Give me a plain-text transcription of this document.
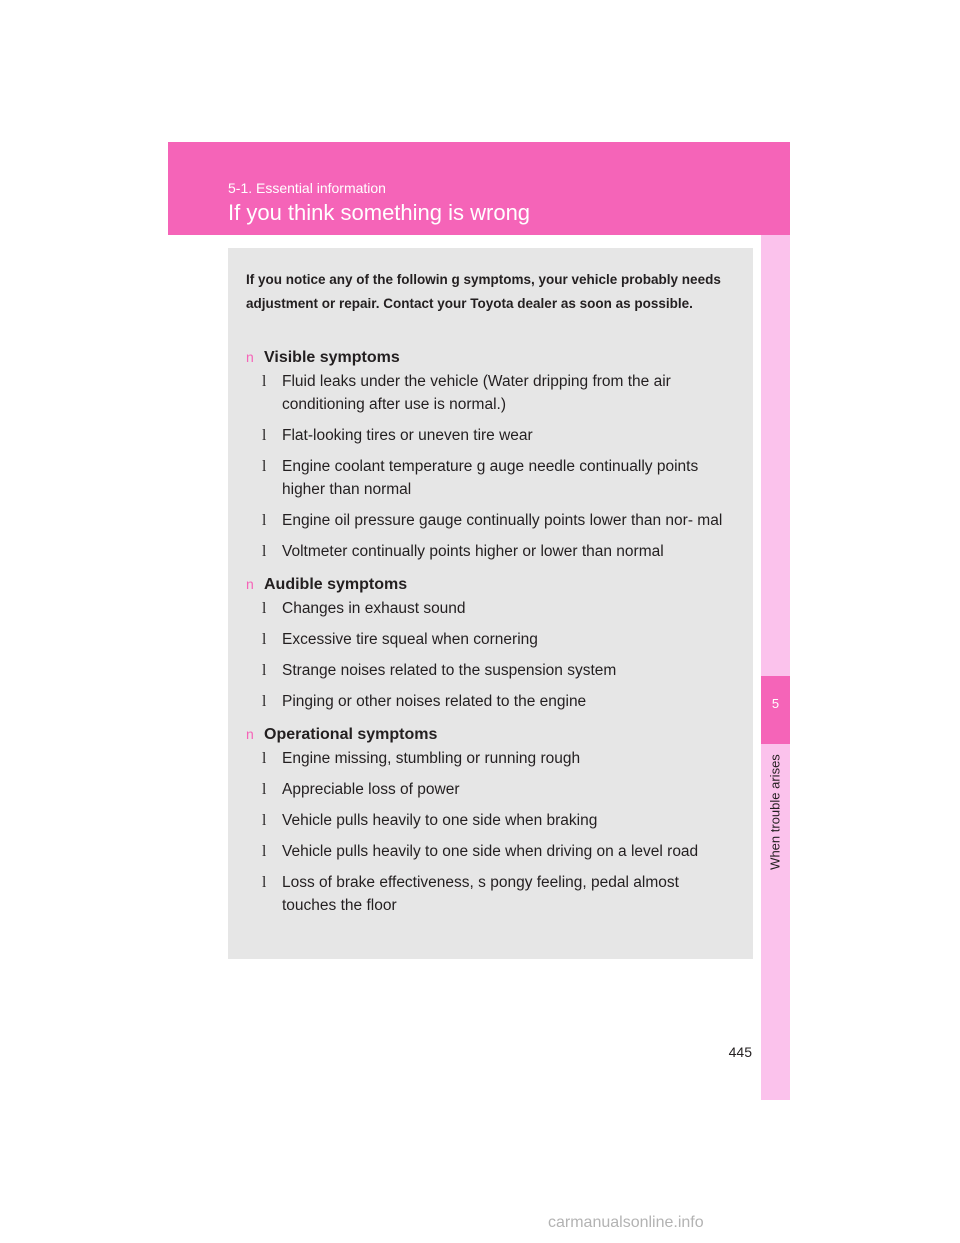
5-1. Essential information
If you think something is wrong
5
When trouble arises

If you notice any of the followin g symptoms, your vehicle probably needs adjustment or repair. Contact your Toyota dealer as soon as possible.

n Visible symptoms
l	Fluid leaks under the vehicle (Water dripping from the air conditioning after use is normal.)
l	Flat-looking tires or uneven tire wear
l	Engine coolant temperature g auge needle continually points higher than normal
l	Engine oil pressure gauge continually points lower than nor- mal
l	Voltmeter continually points higher or lower than normal
n Audible symptoms
l	Changes in exhaust sound
l	Excessive tire squeal when cornering
l	Strange noises related to the suspension system
l	Pinging or other noises related to the engine
n Operational symptoms
l	Engine missing, stumbling or running rough
l	Appreciable loss of power
l	Vehicle pulls heavily to one side when braking
l	Vehicle pulls heavily to one side when driving on a level road
l	Loss of brake effectiveness, s pongy feeling, pedal almost touches the floor
445
carmanualsonline.info
